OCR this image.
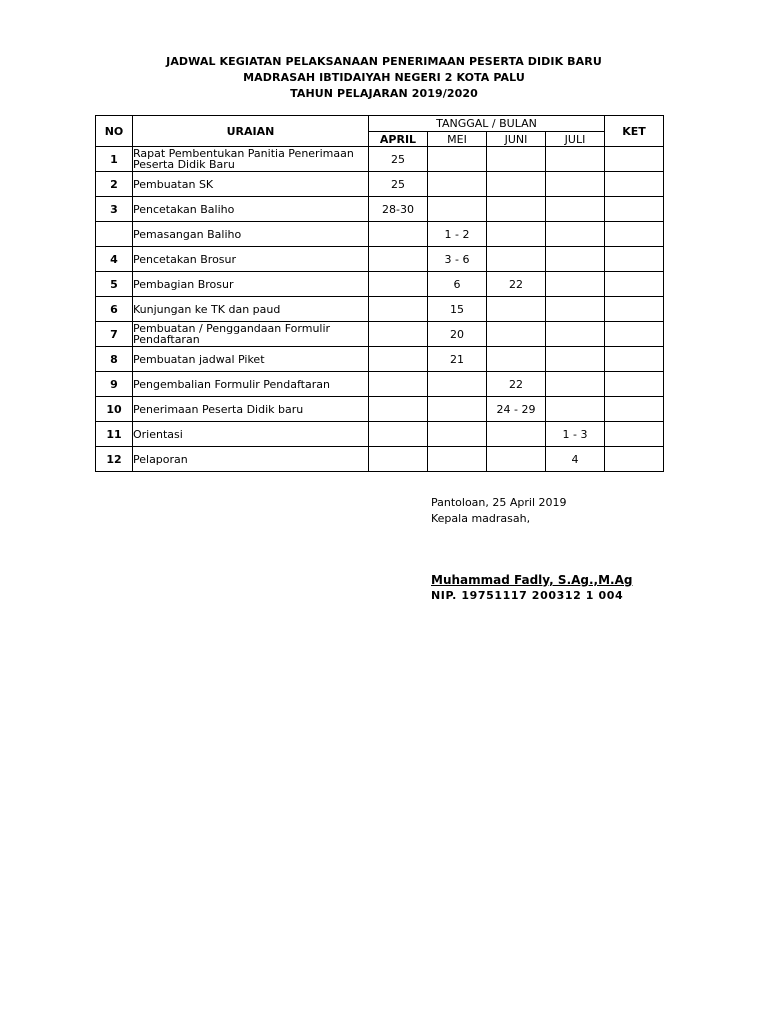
JADWAL KEGIATAN PELAKSANAAN PENERIMAAN PESERTA DIDIK BARU
MADRASAH IBTIDAIYAH NEGERI 2 KOTA PALU
TAHUN PELAJARAN 2019/2020
NO	URAIAN	TANGGAL / BULAN				KET
		APRIL	MEI	JUNI	JULI	
1	Rapat Pembentukan Panitia Penerimaan Peserta Didik Baru	25				
2	Pembuatan SK	25				
3	Pencetakan Baliho	28-30				
	Pemasangan Baliho		1 - 2			
4	Pencetakan Brosur		3 - 6			
5	Pembagian Brosur		6	22		
6	Kunjungan ke TK dan paud		15			
7	Pembuatan / Penggandaan Formulir Pendaftaran		20			
8	Pembuatan jadwal Piket		21			
9	Pengembalian Formulir Pendaftaran			22		
10	Penerimaan Peserta Didik baru			24 - 29		
11	Orientasi				1 - 3	
12	Pelaporan				4	
Pantoloan, 25 April 2019
Kepala madrasah,
Muhammad Fadly, S.Ag.,M.Ag
NIP. 19751117 200312 1 004
